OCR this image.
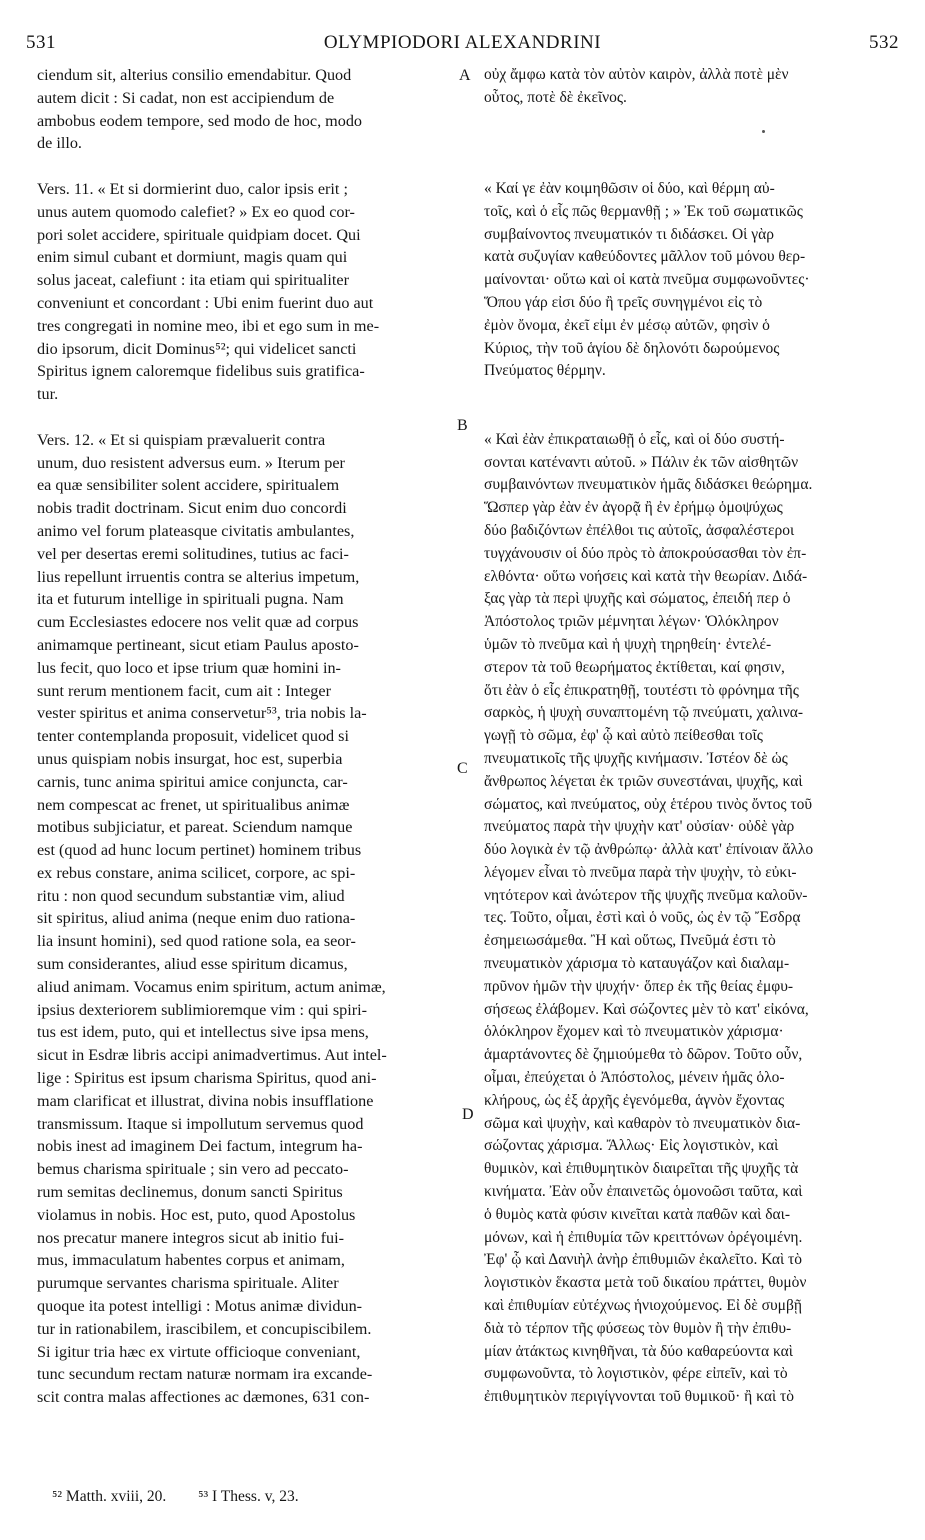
531	OLYMPIODORI ALEXANDRINI	532
ciendum sit, alterius consilio emendabitur. Quod
autem dicit : Si cadat, non est accipiendum de
ambobus eodem tempore, sed modo de hoc, modo
de illo.
Vers. 11. « Et si dormierint duo, calor ipsis erit ;
unus autem quomodo calefiet? » Ex eo quod cor-
pori solet accidere, spirituale quidpiam docet. Qui
enim simul cubant et dormiunt, magis quam qui
solus jaceat, calefiunt : ita etiam qui spiritualiter
conveniunt et concordant : Ubi enim fuerint duo aut
tres congregati in nomine meo, ibi et ego sum in me-
dio ipsorum, dicit Dominus⁵²; qui videlicet sancti
Spiritus ignem caloremque fidelibus suis gratifica-
tur.
Vers. 12. « Et si quispiam prævaluerit contra
unum, duo resistent adversus eum. » Iterum per
ea quæ sensibiliter solent accidere, spiritualem
nobis tradit doctrinam. Sicut enim duo concordi
animo vel forum plateasque civitatis ambulantes,
vel per desertas eremi solitudines, tutius ac faci-
lius repellunt irruentis contra se alterius impetum,
ita et futurum intellige in spirituali pugna. Nam
cum Ecclesiastes edocere nos velit quæ ad corpus
animamque pertineant, sicut etiam Paulus aposto-
lus fecit, quo loco et ipse trium quæ homini in-
sunt rerum mentionem facit, cum ait : Integer
vester spiritus et anima conservetur⁵³, tria nobis la-
tenter contemplanda proposuit, videlicet quod si
unus quispiam nobis insurgat, hoc est, superbia
carnis, tunc anima spiritui amice conjuncta, car-
nem compescat ac frenet, ut spiritualibus animæ
motibus subjiciatur, et pareat. Sciendum namque
est (quod ad hunc locum pertinet) hominem tribus
ex rebus constare, anima scilicet, corpore, ac spi-
ritu : non quod secundum substantiæ vim, aliud
sit spiritus, aliud anima (neque enim duo rationa-
lia insunt homini), sed quod ratione sola, ea seor-
sum considerantes, aliud esse spiritum dicamus,
aliud animam. Vocamus enim spiritum, actum animæ,
ipsius dexteriorem sublimioremque vim : qui spiri-
tus est idem, puto, qui et intellectus sive ipsa mens,
sicut in Esdræ libris accipi animadvertimus. Aut intel-
lige : Spiritus est ipsum charisma Spiritus, quod ani-
mam clarificat et illustrat, divina nobis insufflatione
transmissum. Itaque si impollutum servemus quod
nobis inest ad imaginem Dei factum, integrum ha-
bemus charisma spirituale ; sin vero ad peccato-
rum semitas declinemus, donum sancti Spiritus
violamus in nobis. Hoc est, puto, quod Apostolus
nos precatur manere integros sicut ab initio fui-
mus, immaculatum habentes corpus et animam,
purumque servantes charisma spirituale. Aliter
quoque ita potest intelligi : Motus animæ dividun-
tur in rationabilem, irascibilem, et concupiscibilem.
Si igitur tria hæc ex virtute officioque conveniant,
tunc secundum rectam naturæ normam ira excande-
scit contra malas affectiones ac dæmones, 631 con-
οὐχ ἄμφω κατὰ τὸν αὐτὸν καιρὸν, ἀλλὰ ποτὲ μὲν
οὗτος, ποτὲ δὲ ἐκεῖνος.
« Καί γε ἐὰν κοιμηθῶσιν οἱ δύο, καὶ θέρμη αὐ-
τοῖς, καὶ ὁ εἷς πῶς θερμανθῇ ; » Ἐκ τοῦ σωματικῶς
συμβαίνοντος πνευματικόν τι διδάσκει. Οἱ γὰρ
κατὰ συζυγίαν καθεύδοντες μᾶλλον τοῦ μόνου θερ-
μαίνονται· οὕτω καὶ οἱ κατὰ πνεῦμα συμφωνοῦντες·
Ὅπου γάρ εἰσι δύο ἢ τρεῖς συνηγμένοι εἰς τὸ
ἐμὸν ὄνομα, ἐκεῖ εἰμι ἐν μέσῳ αὐτῶν, φησὶν ὁ
Κύριος, τὴν τοῦ ἁγίου δὲ δηλονότι δωρούμενος
Πνεύματος θέρμην.
« Καὶ ἐὰν ἐπικραταιωθῇ ὁ εἷς, καὶ οἱ δύο συστή-
σονται κατέναντι αὐτοῦ. » Πάλιν ἐκ τῶν αἰσθητῶν
συμβαινόντων πνευματικὸν ἡμᾶς διδάσκει θεώρημα.
Ὥσπερ γὰρ ἐὰν ἐν ἀγορᾷ ἢ ἐν ἐρήμῳ ὁμοψύχως
δύο βαδιζόντων ἐπέλθοι τις αὐτοῖς, ἀσφαλέστεροι
τυγχάνουσιν οἱ δύο πρὸς τὸ ἀποκρούσασθαι τὸν ἐπ-
ελθόντα· οὕτω νοήσεις καὶ κατὰ τὴν θεωρίαν. Διδά-
ξας γὰρ τὰ περὶ ψυχῆς καὶ σώματος, ἐπειδή περ ὁ
Ἀπόστολος τριῶν μέμνηται λέγων· Ὁλόκληρον
ὑμῶν τὸ πνεῦμα καὶ ἡ ψυχὴ τηρηθείη· ἐντελέ-
στερον τὰ τοῦ θεωρήματος ἐκτίθεται, καί φησιν,
ὅτι ἐὰν ὁ εἷς ἐπικρατηθῇ, τουτέστι τὸ φρόνημα τῆς
σαρκὸς, ἡ ψυχὴ συναπτομένη τῷ πνεύματι, χαλινα-
γωγῇ τὸ σῶμα, ἐφ' ᾧ καὶ αὐτὸ πείθεσθαι τοῖς
πνευματικοῖς τῆς ψυχῆς κινήμασιν. Ἰστέον δὲ ὡς
ἄνθρωπος λέγεται ἐκ τριῶν συνεστάναι, ψυχῆς, καὶ
σώματος, καὶ πνεύματος, οὐχ ἑτέρου τινὸς ὄντος τοῦ
πνεύματος παρὰ τὴν ψυχὴν κατ' οὐσίαν· οὐδὲ γὰρ
δύο λογικὰ ἐν τῷ ἀνθρώπῳ· ἀλλὰ κατ' ἐπίνοιαν ἄλλο
λέγομεν εἶναι τὸ πνεῦμα παρὰ τὴν ψυχὴν, τὸ εὐκι-
νητότερον καὶ ἀνώτερον τῆς ψυχῆς πνεῦμα καλοῦν-
τες. Τοῦτο, οἶμαι, ἐστὶ καὶ ὁ νοῦς, ὡς ἐν τῷ Ἔσδρᾳ
ἐσημειωσάμεθα. Ἢ καὶ οὕτως, Πνεῦμά ἐστι τὸ
πνευματικὸν χάρισμα τὸ καταυγάζον καὶ διαλαμ-
πρῦνον ἡμῶν τὴν ψυχήν· ὅπερ ἐκ τῆς θείας ἐμφυ-
σήσεως ἐλάβομεν. Καὶ σώζοντες μὲν τὸ κατ' εἰκόνα,
ὁλόκληρον ἔχομεν καὶ τὸ πνευματικὸν χάρισμα·
ἁμαρτάνοντες δὲ ζημιούμεθα τὸ δῶρον. Τοῦτο οὖν,
οἶμαι, ἐπεύχεται ὁ Ἀπόστολος, μένειν ἡμᾶς ὁλο-
κλήρους, ὡς ἐξ ἀρχῆς ἐγενόμεθα, ἁγνὸν ἔχοντας
σῶμα καὶ ψυχὴν, καὶ καθαρὸν τὸ πνευματικὸν δια-
σώζοντας χάρισμα. Ἄλλως· Εἰς λογιστικὸν, καὶ
θυμικὸν, καὶ ἐπιθυμητικὸν διαιρεῖται τῆς ψυχῆς τὰ
κινήματα. Ἐὰν οὖν ἐπαινετῶς ὁμονοῶσι ταῦτα, καὶ
ὁ θυμὸς κατὰ φύσιν κινεῖται κατὰ παθῶν καὶ δαι-
μόνων, καὶ ἡ ἐπιθυμία τῶν κρειττόνων ὀρέγοιμένη.
Ἐφ' ᾧ καὶ Δανιὴλ ἀνὴρ ἐπιθυμιῶν ἐκαλεῖτο. Καὶ τὸ
λογιστικὸν ἕκαστα μετὰ τοῦ δικαίου πράττει, θυμὸν
καὶ ἐπιθυμίαν εὐτέχνως ἡνιοχούμενος. Εἰ δὲ συμβῇ
διὰ τὸ τέρπον τῆς φύσεως τὸν θυμὸν ἢ τὴν ἐπιθυ-
μίαν ἀτάκτως κινηθῆναι, τὰ δύο καθαρεύοντα καὶ
συμφωνοῦντα, τὸ λογιστικὸν, φέρε εἰπεῖν, καὶ τὸ
ἐπιθυμητικὸν περιγίγνονται τοῦ θυμικοῦ· ἢ καὶ τὸ
A
B
C
D
⁵² Matth. xviii, 20. ⁵³ I Thess. v, 23.
